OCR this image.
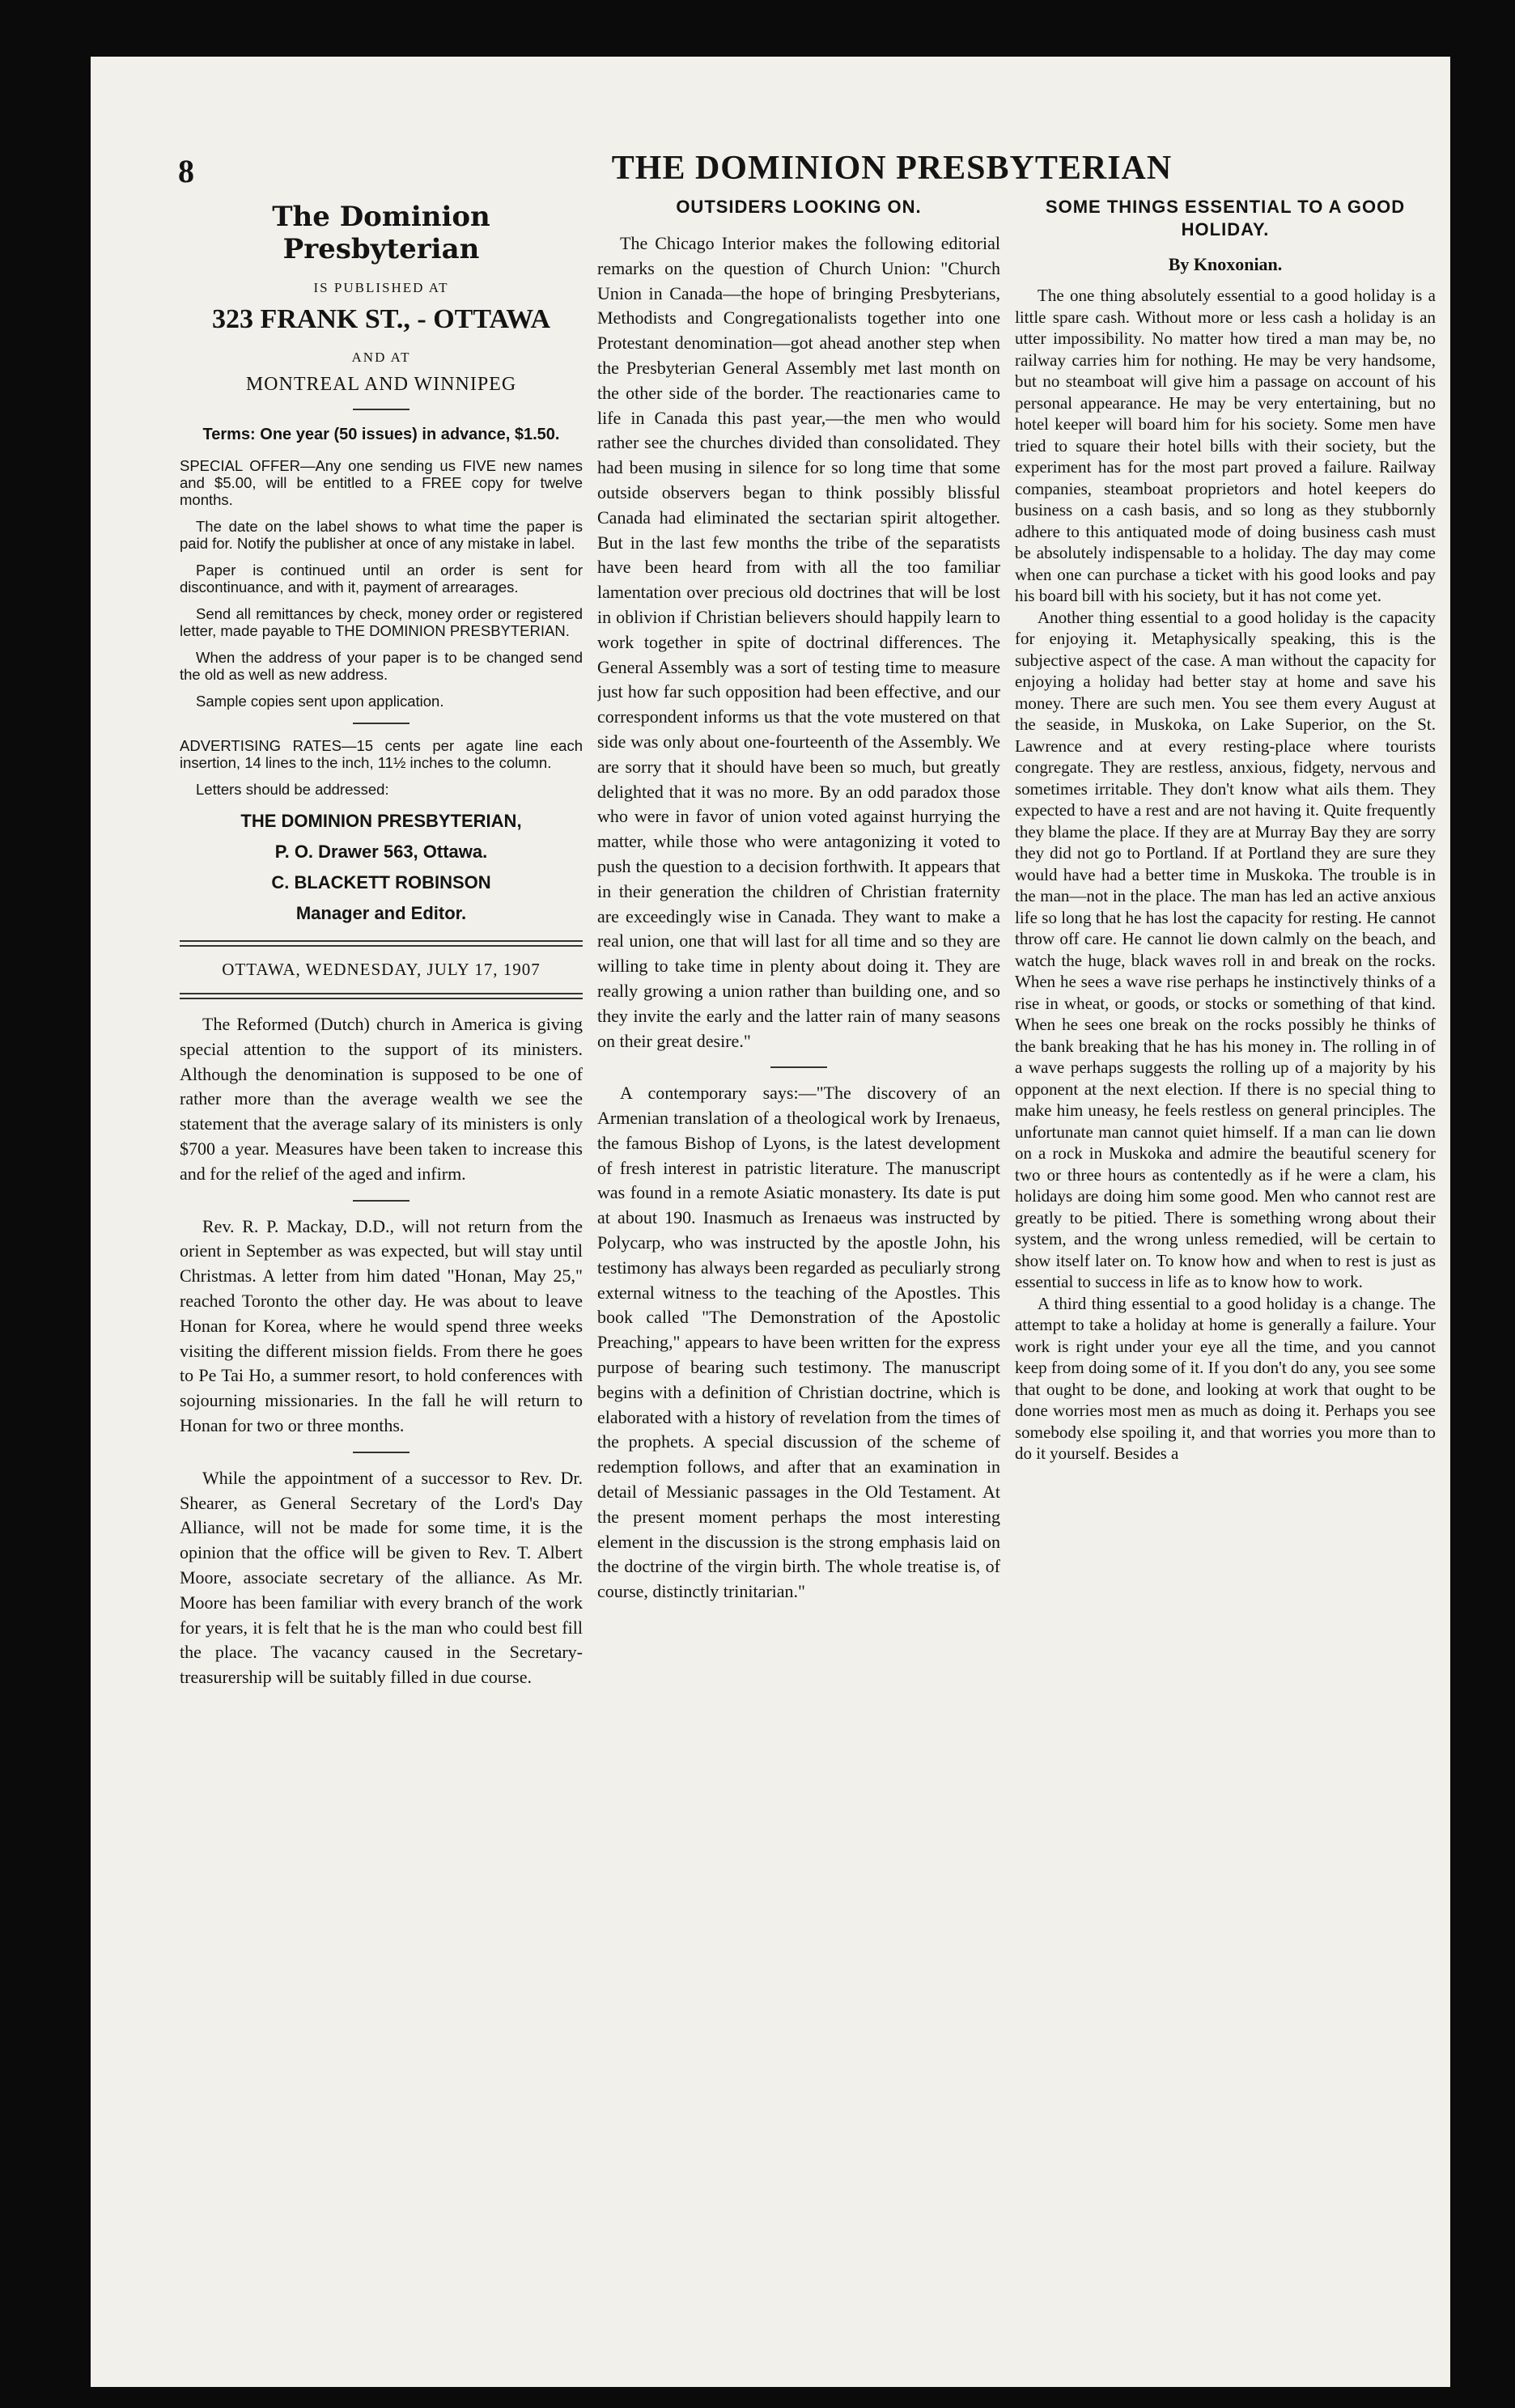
8	THE DOMINION PRESBYTERIAN

The Dominion Presbyterian

IS PUBLISHED AT

323 FRANK ST., - OTTAWA

AND AT

MONTREAL AND WINNIPEG

Terms: One year (50 issues) in advance, $1.50.

SPECIAL OFFER—Any one sending us FIVE new names and $5.00, will be entitled to a FREE copy for twelve months.

The date on the label shows to what time the paper is paid for. Notify the publisher at once of any mistake in label.

Paper is continued until an order is sent for discontinuance, and with it, payment of arrearages.

Send all remittances by check, money order or registered letter, made payable to THE DOMINION PRESBYTERIAN.

When the address of your paper is to be changed send the old as well as new address.

Sample copies sent upon application.

ADVERTISING RATES—15 cents per agate line each insertion, 14 lines to the inch, 11½ inches to the column.

Letters should be addressed:

THE DOMINION PRESBYTERIAN,

P. O. Drawer 563, Ottawa.

C. BLACKETT ROBINSON

Manager and Editor.

OTTAWA, WEDNESDAY, JULY 17, 1907

The Reformed (Dutch) church in America is giving special attention to the support of its ministers. Although the denomination is supposed to be one of rather more than the average wealth we see the statement that the average salary of its ministers is only $700 a year. Measures have been taken to increase this and for the relief of the aged and infirm.

Rev. R. P. Mackay, D.D., will not return from the orient in September as was expected, but will stay until Christmas. A letter from him dated "Honan, May 25," reached Toronto the other day. He was about to leave Honan for Korea, where he would spend three weeks visiting the different mission fields. From there he goes to Pe Tai Ho, a summer resort, to hold conferences with sojourning missionaries. In the fall he will return to Honan for two or three months.

While the appointment of a successor to Rev. Dr. Shearer, as General Secretary of the Lord's Day Alliance, will not be made for some time, it is the opinion that the office will be given to Rev. T. Albert Moore, associate secretary of the alliance. As Mr. Moore has been familiar with every branch of the work for years, it is felt that he is the man who could best fill the place. The vacancy caused in the Secretary-treasurership will be suitably filled in due course.

OUTSIDERS LOOKING ON.

The Chicago Interior makes the following editorial remarks on the question of Church Union: "Church Union in Canada—the hope of bringing Presbyterians, Methodists and Congregationalists together into one Protestant denomination—got ahead another step when the Presbyterian General Assembly met last month on the other side of the border. The reactionaries came to life in Canada this past year,—the men who would rather see the churches divided than consolidated. They had been musing in silence for so long time that some outside observers began to think possibly blissful Canada had eliminated the sectarian spirit altogether. But in the last few months the tribe of the separatists have been heard from with all the too familiar lamentation over precious old doctrines that will be lost in oblivion if Christian believers should happily learn to work together in spite of doctrinal differences. The General Assembly was a sort of testing time to measure just how far such opposition had been effective, and our correspondent informs us that the vote mustered on that side was only about one-fourteenth of the Assembly. We are sorry that it should have been so much, but greatly delighted that it was no more. By an odd paradox those who were in favor of union voted against hurrying the matter, while those who were antagonizing it voted to push the question to a decision forthwith. It appears that in their generation the children of Christian fraternity are exceedingly wise in Canada. They want to make a real union, one that will last for all time and so they are willing to take time in plenty about doing it. They are really growing a union rather than building one, and so they invite the early and the latter rain of many seasons on their great desire."

A contemporary says:—"The discovery of an Armenian translation of a theological work by Irenaeus, the famous Bishop of Lyons, is the latest development of fresh interest in patristic literature. The manuscript was found in a remote Asiatic monastery. Its date is put at about 190. Inasmuch as Irenaeus was instructed by Polycarp, who was instructed by the apostle John, his testimony has always been regarded as peculiarly strong external witness to the teaching of the Apostles. This book called "The Demonstration of the Apostolic Preaching," appears to have been written for the express purpose of bearing such testimony. The manuscript begins with a definition of Christian doctrine, which is elaborated with a history of revelation from the times of the prophets. A special discussion of the scheme of redemption follows, and after that an examination in detail of Messianic passages in the Old Testament. At the present moment perhaps the most interesting element in the discussion is the strong emphasis laid on the doctrine of the virgin birth. The whole treatise is, of course, distinctly trinitarian."

SOME THINGS ESSENTIAL TO A GOOD HOLIDAY.

By Knoxonian.

The one thing absolutely essential to a good holiday is a little spare cash. Without more or less cash a holiday is an utter impossibility. No matter how tired a man may be, no railway carries him for nothing. He may be very handsome, but no steamboat will give him a passage on account of his personal appearance. He may be very entertaining, but no hotel keeper will board him for his society. Some men have tried to square their hotel bills with their society, but the experiment has for the most part proved a failure. Railway companies, steamboat proprietors and hotel keepers do business on a cash basis, and so long as they stubbornly adhere to this antiquated mode of doing business cash must be absolutely indispensable to a holiday. The day may come when one can purchase a ticket with his good looks and pay his board bill with his society, but it has not come yet.

Another thing essential to a good holiday is the capacity for enjoying it. Metaphysically speaking, this is the subjective aspect of the case. A man without the capacity for enjoying a holiday had better stay at home and save his money. There are such men. You see them every August at the seaside, in Muskoka, on Lake Superior, on the St. Lawrence and at every resting-place where tourists congregate. They are restless, anxious, fidgety, nervous and sometimes irritable. They don't know what ails them. They expected to have a rest and are not having it. Quite frequently they blame the place. If they are at Murray Bay they are sorry they did not go to Portland. If at Portland they are sure they would have had a better time in Muskoka. The trouble is in the man—not in the place. The man has led an active anxious life so long that he has lost the capacity for resting. He cannot throw off care. He cannot lie down calmly on the beach, and watch the huge, black waves roll in and break on the rocks. When he sees a wave rise perhaps he instinctively thinks of a rise in wheat, or goods, or stocks or something of that kind. When he sees one break on the rocks possibly he thinks of the bank breaking that he has his money in. The rolling in of a wave perhaps suggests the rolling up of a majority by his opponent at the next election. If there is no special thing to make him uneasy, he feels restless on general principles. The unfortunate man cannot quiet himself. If a man can lie down on a rock in Muskoka and admire the beautiful scenery for two or three hours as contentedly as if he were a clam, his holidays are doing him some good. Men who cannot rest are greatly to be pitied. There is something wrong about their system, and the wrong unless remedied, will be certain to show itself later on. To know how and when to rest is just as essential to success in life as to know how to work.

A third thing essential to a good holiday is a change. The attempt to take a holiday at home is generally a failure. Your work is right under your eye all the time, and you cannot keep from doing some of it. If you don't do any, you see some that ought to be done, and looking at work that ought to be done worries most men as much as doing it. Perhaps you see somebody else spoiling it, and that worries you more than to do it yourself. Besides a
